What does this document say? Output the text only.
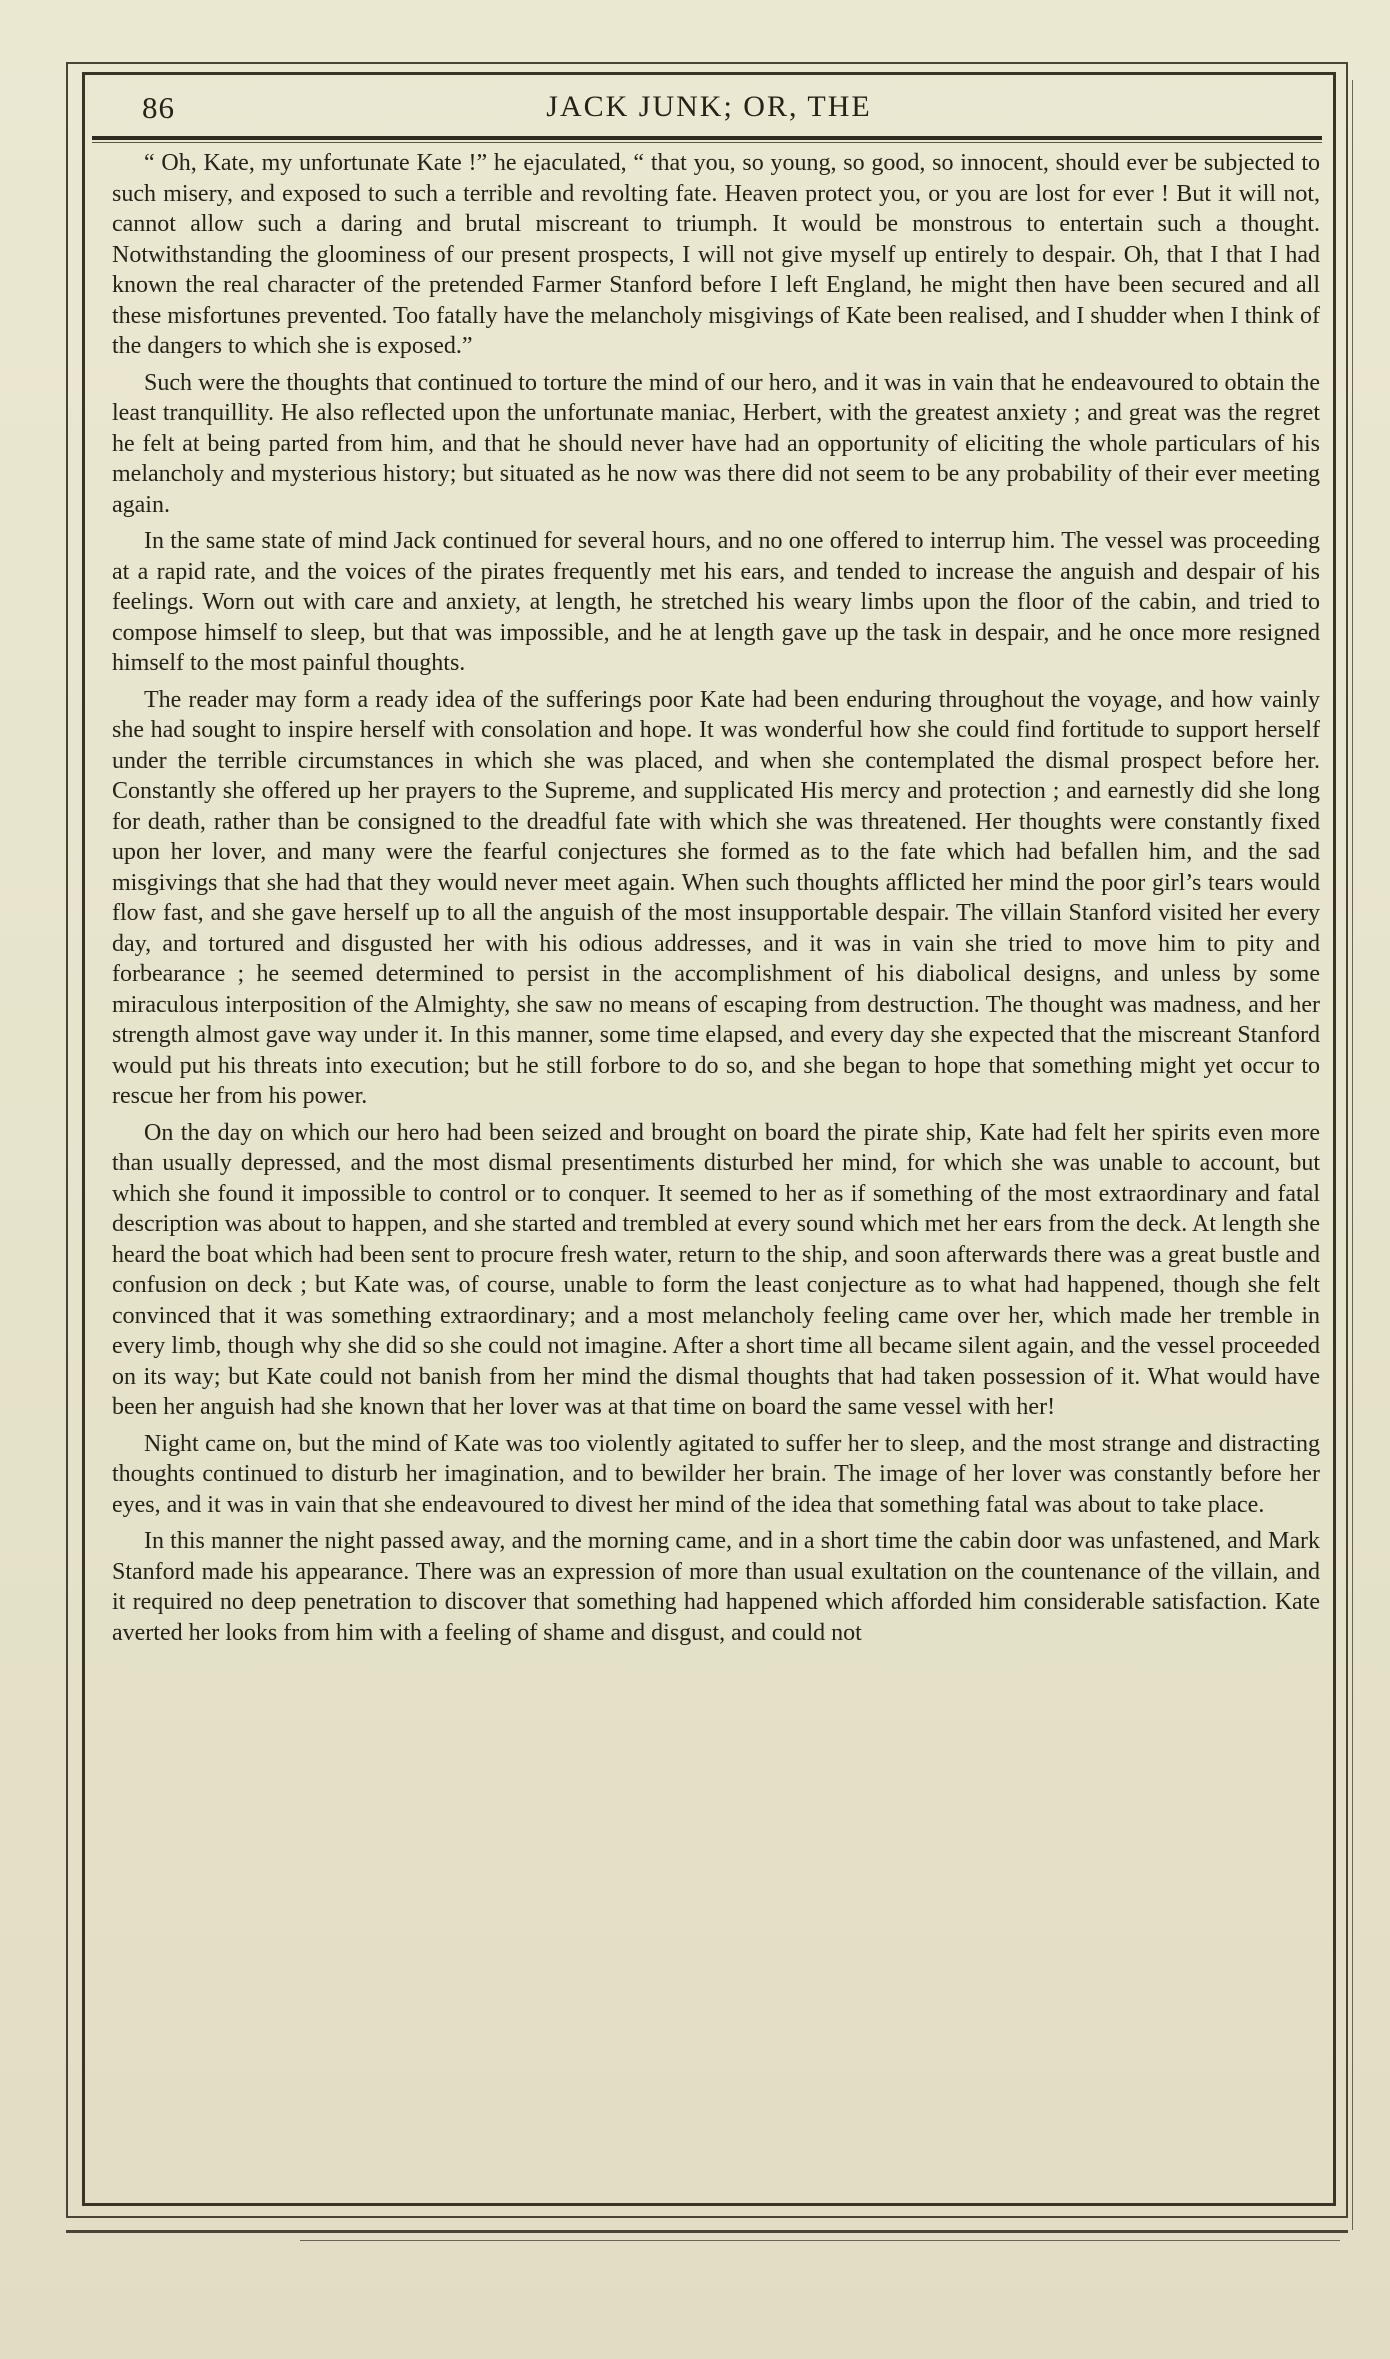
86	JACK JUNK; OR, THE

“ Oh, Kate, my unfortunate Kate !” he ejaculated, “ that you, so young, so good, so innocent, should ever be subjected to such misery, and exposed to such a terrible and revolting fate. Heaven protect you, or you are lost for ever ! But it will not, cannot allow such a daring and brutal miscreant to triumph. It would be monstrous to entertain such a thought. Notwithstanding the gloominess of our present prospects, I will not give myself up entirely to despair. Oh, that I that I had known the real character of the pretended Farmer Stanford before I left England, he might then have been secured and all these misfortunes prevented. Too fatally have the melancholy misgivings of Kate been realised, and I shudder when I think of the dangers to which she is exposed.”

Such were the thoughts that continued to torture the mind of our hero, and it was in vain that he endeavoured to obtain the least tranquillity. He also reflected upon the unfortunate maniac, Herbert, with the greatest anxiety ; and great was the regret he felt at being parted from him, and that he should never have had an opportunity of eliciting the whole particulars of his melancholy and mysterious history; but situated as he now was there did not seem to be any probability of their ever meeting again.

In the same state of mind Jack continued for several hours, and no one offered to interrup him. The vessel was proceeding at a rapid rate, and the voices of the pirates frequently met his ears, and tended to increase the anguish and despair of his feelings. Worn out with care and anxiety, at length, he stretched his weary limbs upon the floor of the cabin, and tried to compose himself to sleep, but that was impossible, and he at length gave up the task in despair, and he once more resigned himself to the most painful thoughts.

The reader may form a ready idea of the sufferings poor Kate had been enduring throughout the voyage, and how vainly she had sought to inspire herself with consolation and hope. It was wonderful how she could find fortitude to support herself under the terrible circumstances in which she was placed, and when she contemplated the dismal prospect before her. Constantly she offered up her prayers to the Supreme, and supplicated His mercy and protection ; and earnestly did she long for death, rather than be consigned to the dreadful fate with which she was threatened. Her thoughts were constantly fixed upon her lover, and many were the fearful conjectures she formed as to the fate which had befallen him, and the sad misgivings that she had that they would never meet again. When such thoughts afflicted her mind the poor girl’s tears would flow fast, and she gave herself up to all the anguish of the most insupportable despair. The villain Stanford visited her every day, and tortured and disgusted her with his odious addresses, and it was in vain she tried to move him to pity and forbearance ; he seemed determined to persist in the accomplishment of his diabolical designs, and unless by some miraculous interposition of the Almighty, she saw no means of escaping from destruction. The thought was madness, and her strength almost gave way under it. In this manner, some time elapsed, and every day she expected that the miscreant Stanford would put his threats into execution; but he still forbore to do so, and she began to hope that something might yet occur to rescue her from his power.

On the day on which our hero had been seized and brought on board the pirate ship, Kate had felt her spirits even more than usually depressed, and the most dismal presentiments disturbed her mind, for which she was unable to account, but which she found it impossible to control or to conquer. It seemed to her as if something of the most extraordinary and fatal description was about to happen, and she started and trembled at every sound which met her ears from the deck. At length she heard the boat which had been sent to procure fresh water, return to the ship, and soon afterwards there was a great bustle and confusion on deck ; but Kate was, of course, unable to form the least conjecture as to what had happened, though she felt convinced that it was something extraordinary; and a most melancholy feeling came over her, which made her tremble in every limb, though why she did so she could not imagine. After a short time all became silent again, and the vessel proceeded on its way; but Kate could not banish from her mind the dismal thoughts that had taken possession of it. What would have been her anguish had she known that her lover was at that time on board the same vessel with her!

Night came on, but the mind of Kate was too violently agitated to suffer her to sleep, and the most strange and distracting thoughts continued to disturb her imagination, and to bewilder her brain. The image of her lover was constantly before her eyes, and it was in vain that she endeavoured to divest her mind of the idea that something fatal was about to take place.

In this manner the night passed away, and the morning came, and in a short time the cabin door was unfastened, and Mark Stanford made his appearance. There was an expression of more than usual exultation on the countenance of the villain, and it required no deep penetration to discover that something had happened which afforded him considerable satisfaction. Kate averted her looks from him with a feeling of shame and disgust, and could not
